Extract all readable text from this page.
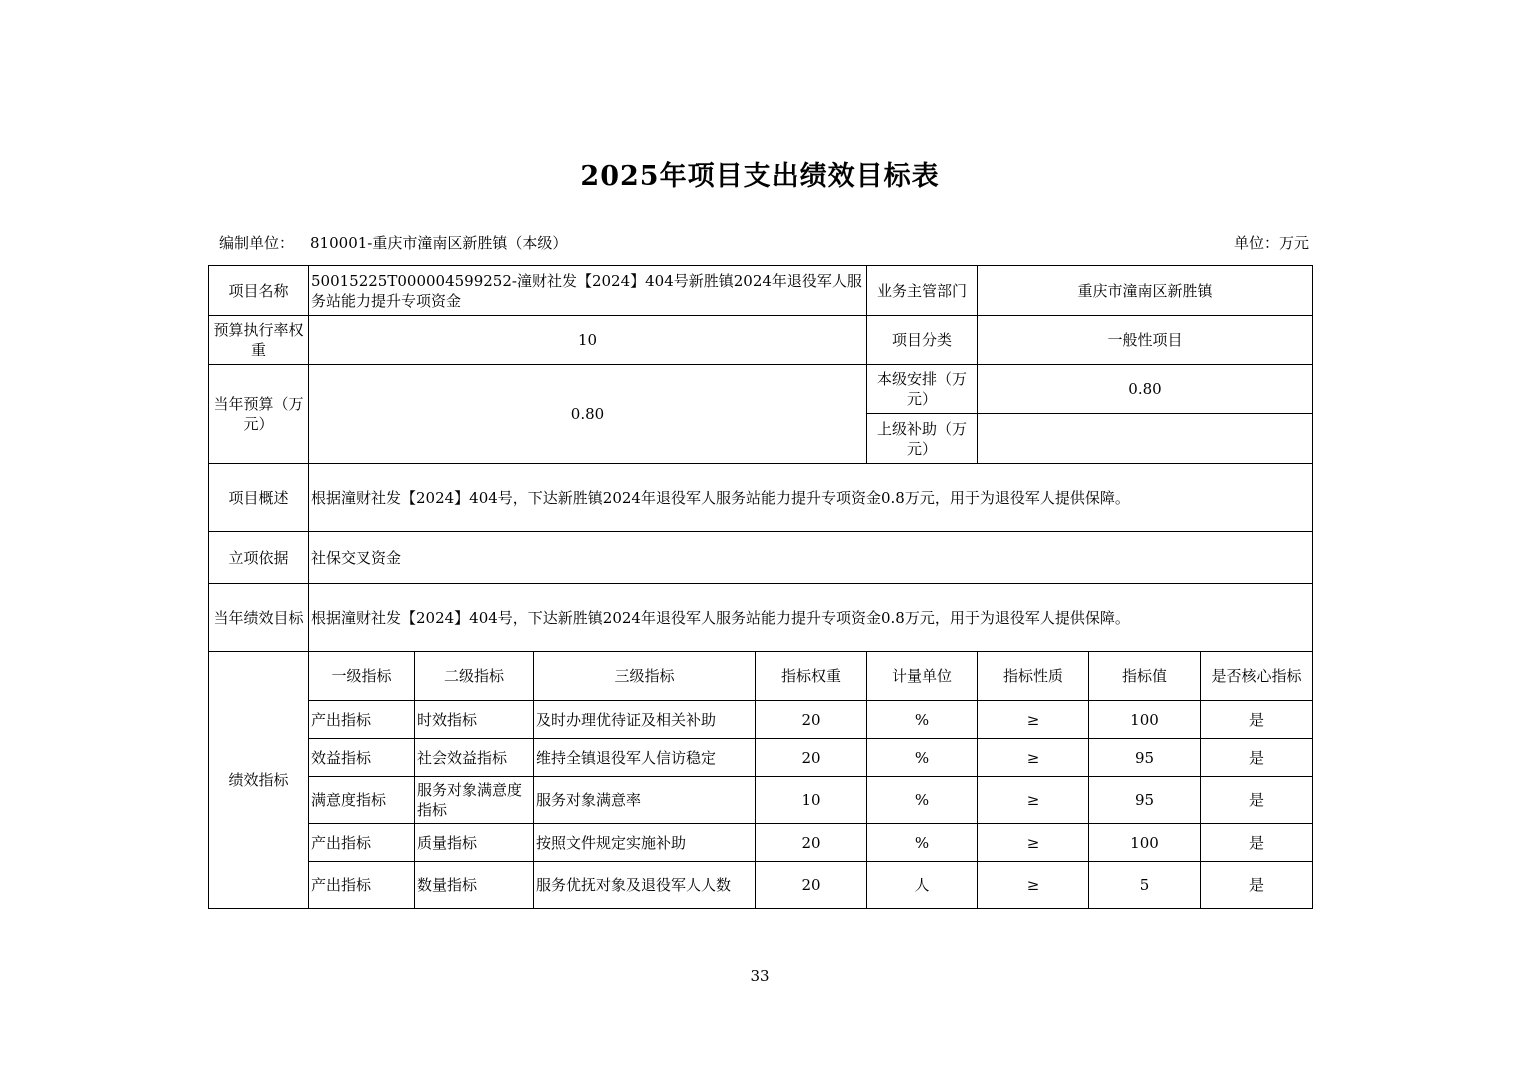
2025年项目支出绩效目标表
编制单位： 810001-重庆市潼南区新胜镇（本级）	单位：万元
项目名称	50015225T000004599252-潼财社发【2024】404号新胜镇2024年退役军人服务站能力提升专项资金				业务主管部门	重庆市潼南区新胜镇		
预算执行率权重	10				项目分类	一般性项目		
当年预算（万元）	0.80				本级安排（万元）	0.80		
					上级补助（万元）			
项目概述	根据潼财社发【2024】404号，下达新胜镇2024年退役军人服务站能力提升专项资金0.8万元，用于为退役军人提供保障。							
立项依据	社保交叉资金							
当年绩效目标	根据潼财社发【2024】404号，下达新胜镇2024年退役军人服务站能力提升专项资金0.8万元，用于为退役军人提供保障。							
绩效指标	一级指标	二级指标	三级指标	指标权重	计量单位	指标性质	指标值	是否核心指标
	产出指标	时效指标	及时办理优待证及相关补助	20	%	≥	100	是
	效益指标	社会效益指标	维持全镇退役军人信访稳定	20	%	≥	95	是
	满意度指标	服务对象满意度指标	服务对象满意率	10	%	≥	95	是
	产出指标	质量指标	按照文件规定实施补助	20	%	≥	100	是
	产出指标	数量指标	服务优抚对象及退役军人人数	20	人	≥	5	是
33
